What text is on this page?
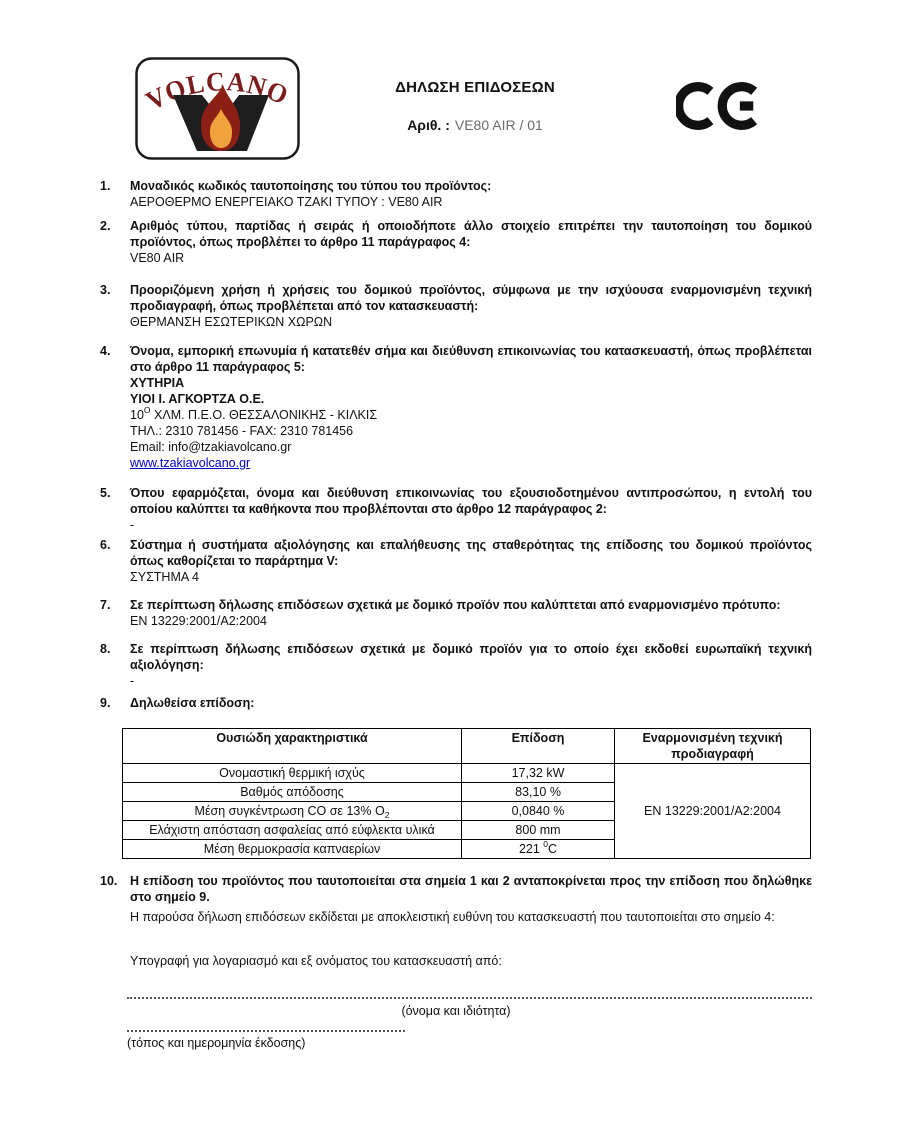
VOLCANO	ΔΗΛΩΣΗ ΕΠΙΔΟΣΕΩΝ
Αριθ. : VE80 AIR / 01
1.	Μοναδικός κωδικός ταυτοποίησης του τύπου του προϊόντος:
ΑΕΡΟΘΕΡΜΟ ΕΝΕΡΓΕΙΑΚΟ ΤΖΑΚΙ ΤΥΠΟΥ : VE80 AIR
2.	Αριθμός τύπου, παρτίδας ή σειράς ή οποιοδήποτε άλλο στοιχείο επιτρέπει την ταυτοποίηση του δομικού προϊόντος, όπως προβλέπει το άρθρο 11 παράγραφος 4:
VE80 AIR
3.	Προοριζόμενη χρήση ή χρήσεις του δομικού προϊόντος, σύμφωνα με την ισχύουσα εναρμονισμένη τεχνική προδιαγραφή, όπως προβλέπεται από τον κατασκευαστή:
ΘΕΡΜΑΝΣΗ ΕΣΩΤΕΡΙΚΩΝ ΧΩΡΩΝ
4.	Όνομα, εμπορική επωνυμία ή κατατεθέν σήμα και διεύθυνση επικοινωνίας του κατασκευαστή, όπως προβλέπεται στο άρθρο 11 παράγραφος 5:
ΧΥΤΗΡΙΑ
ΥΙΟΙ Ι. ΑΓΚΟΡΤΖΑ Ο.Ε.
$10^O$ ΧΛΜ. Π.Ε.Ο. ΘΕΣΣΑΛΟΝΙΚΗΣ - ΚΙΛΚΙΣ
ΤΗΛ.: 2310 781456 - FAX: 2310 781456
Email: info@tzakiavolcano.gr
www.tzakiavolcano.gr
5.	Όπου εφαρμόζεται, όνομα και διεύθυνση επικοινωνίας του εξουσιοδοτημένου αντιπροσώπου, η εντολή του οποίου καλύπτει τα καθήκοντα που προβλέπονται στο άρθρο 12 παράγραφος 2:
-
6.	Σύστημα ή συστήματα αξιολόγησης και επαλήθευσης της σταθερότητας της επίδοσης του δομικού προϊόντος όπως καθορίζεται το παράρτημα V:
ΣΥΣΤΗΜΑ 4
7.	Σε περίπτωση δήλωσης επιδόσεων σχετικά με δομικό προϊόν που καλύπτεται από εναρμονισμένο πρότυπο:
EN 13229:2001/A2:2004
8.	Σε περίπτωση δήλωσης επιδόσεων σχετικά με δομικό προϊόν για το οποίο έχει εκδοθεί ευρωπαϊκή τεχνική αξιολόγηση:
-
9.	Δηλωθείσα επίδοση:
Ουσιώδη χαρακτηριστικά	Επίδοση	Εναρμονισμένη τεχνική προδιαγραφή
Ονομαστική θερμική ισχύς	17,32 kW	EN 13229:2001/A2:2004
Βαθμός απόδοσης	83,10 %	
Μέση συγκέντρωση CO σε 13% $O_2$	0,0840 %	
Ελάχιστη απόσταση ασφαλείας από εύφλεκτα υλικά	800 mm	
Μέση θερμοκρασία καπναερίων	221 $^0$C	
10.	Η επίδοση του προϊόντος που ταυτοποιείται στα σημεία 1 και 2 ανταποκρίνεται προς την επίδοση που δηλώθηκε στο σημείο 9.
Η παρούσα δήλωση επιδόσεων εκδίδεται με αποκλειστική ευθύνη του κατασκευαστή που ταυτοποιείται στο σημείο 4:
Υπογραφή για λογαριασμό και εξ ονόματος του κατασκευαστή από:
(όνομα και ιδιότητα)
(τόπος και ημερομηνία έκδοσης)
